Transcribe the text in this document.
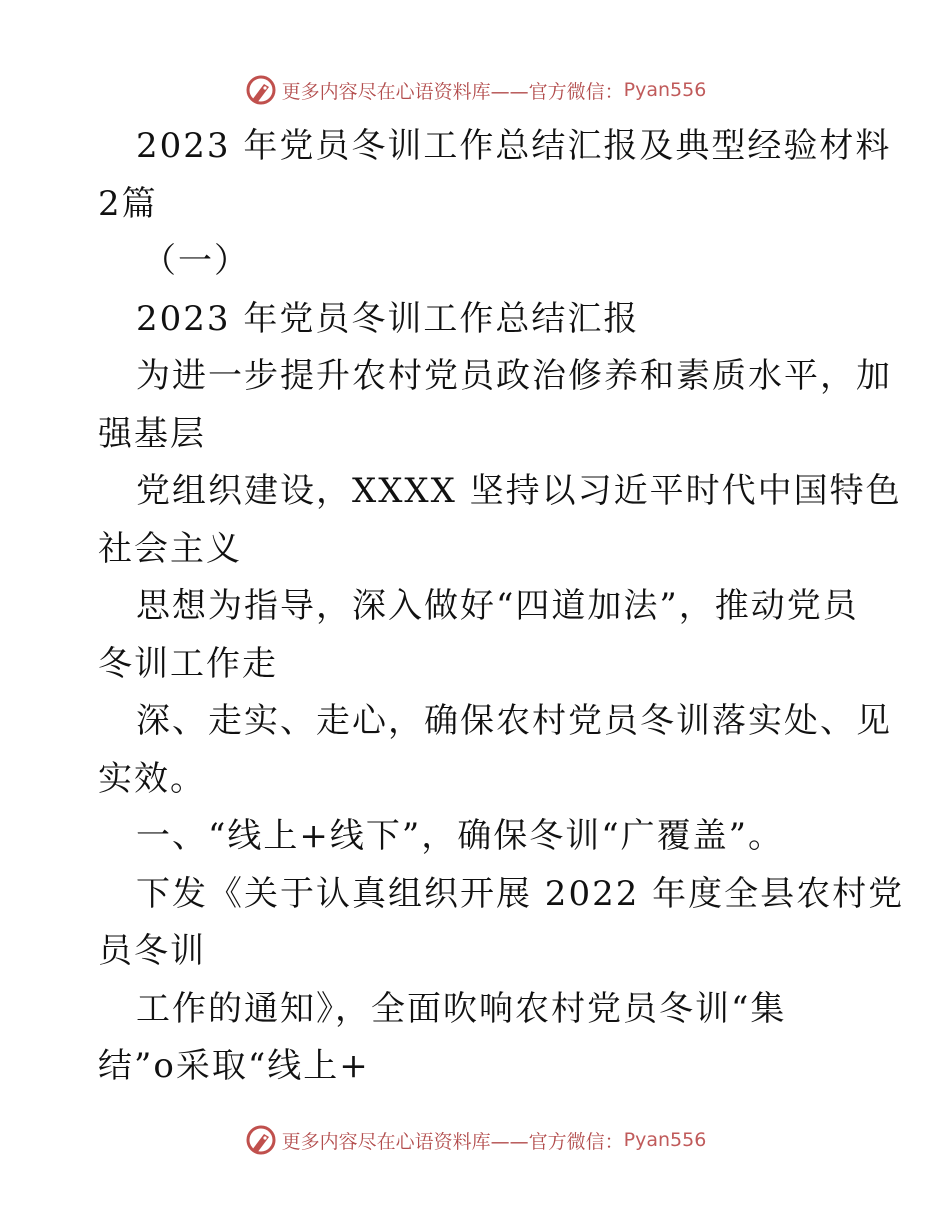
更多内容尽在心语资料库——官方微信： Pyan556
2023 年党员冬训工作总结汇报及典型经验材料
2篇
（一）
2023 年党员冬训工作总结汇报
为进一步提升农村党员政治修养和素质水平，加
强基层
党组织建设，XXXX 坚持以习近平时代中国特色
社会主义
思想为指导，深入做好“四道加法”，推动党员
冬训工作走
深、走实、走心，确保农村党员冬训落实处、见
实效。
一、“线上+线下”，确保冬训“广覆盖”。
下发《关于认真组织开展 2022 年度全县农村党
员冬训
工作的通知》，全面吹响农村党员冬训“集
结”o采取“线上+
更多内容尽在心语资料库——官方微信： Pyan556
